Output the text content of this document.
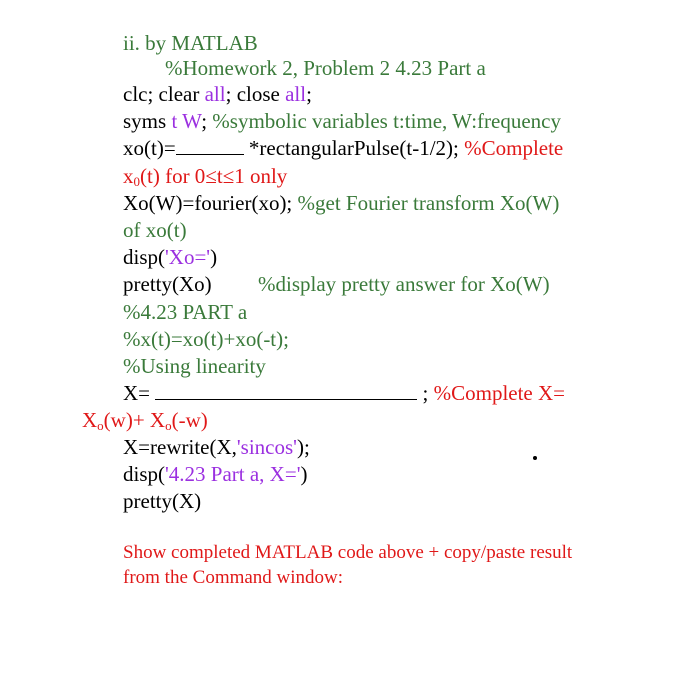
ii. by MATLAB
%Homework 2, Problem 2 4.23 Part a
clc; clear all; close all;
syms t W; %symbolic variables t:time, W:frequency
xo(t)=	*rectangularPulse(t-1/2); %Complete
$x_0(t)$ for 0≤t≤1 only
Xo(W)=fourier(xo); %get Fourier transform Xo(W)
of xo(t)
disp('Xo=')
pretty(Xo) %display pretty answer for Xo(W)
%4.23 PART a
%x(t)=xo(t)+xo(-t);
%Using linearity
X=	; %Complete X=
$X_o(w)+ X_o(-w)$
X=rewrite(X,'sincos');
disp('4.23 Part a, X=')
pretty(X)
Show completed MATLAB code above + copy/paste result
from the Command window:
